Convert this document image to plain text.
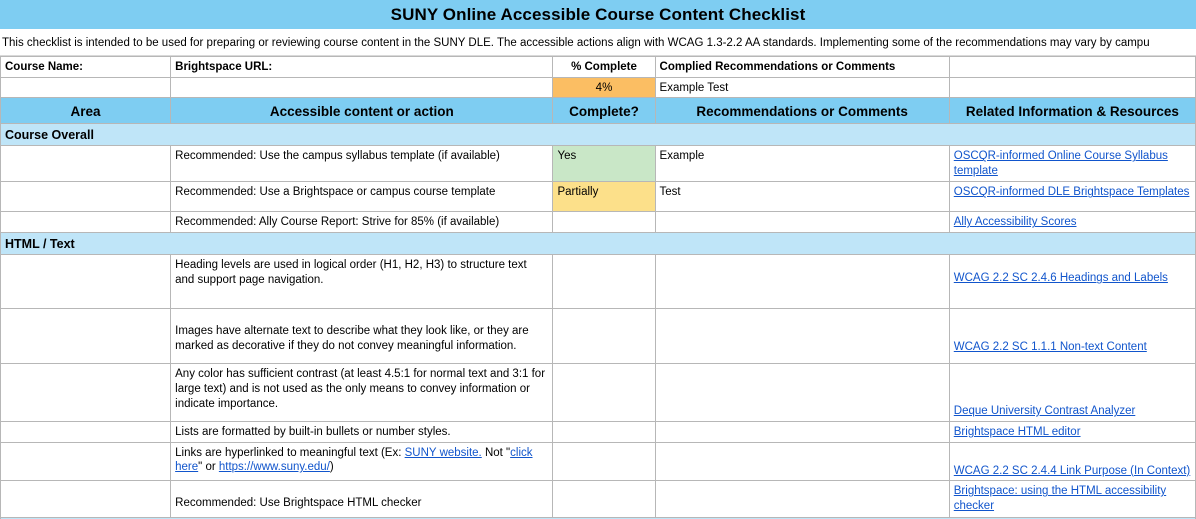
SUNY Online Accessible Course Content Checklist
This checklist is intended to be used for preparing or reviewing course content in the SUNY DLE. The accessible actions align with WCAG 1.3-2.2 AA standards. Implementing some of the recommendations may vary by campu
Course Name:	Brightspace URL:	% Complete	Complied Recommendations or Comments	
		4%	Example Test	
Area	Accessible content or action	Complete?	Recommendations or Comments	Related Information & Resources
Course Overall				
	Recommended: Use the campus syllabus template (if available)	Yes	Example	OSCQR-informed Online Course Syllabus template

	Recommended: Use a Brightspace or campus course template	Partially	Test	OSCQR-informed DLE Brightspace Templates

	Recommended: Ally Course Report: Strive for 85% (if available)			Ally Accessibility Scores

HTML / Text				
	Heading levels are used in logical order (H1, H2, H3) to structure text and support page navigation.			WCAG 2.2 SC 2.4.6 Headings and Labels

	Images have alternate text to describe what they look like, or they are marked as decorative if they do not convey meaningful information.			WCAG 2.2 SC 1.1.1 Non-text Content

	Any color has sufficient contrast (at least 4.5:1 for normal text and 3:1 for large text) and is not used as the only means to convey information or indicate importance.			Deque University Contrast Analyzer

	Lists are formatted by built-in bullets or number styles.			Brightspace HTML editor

	Links are hyperlinked to meaningful text (Ex: SUNY website. Not "click here" or https://www.suny.edu/)			WCAG 2.2 SC 2.4.4 Link Purpose (In Context)

	Recommended: Use Brightspace HTML checker			Brightspace: using the HTML accessibility checker
